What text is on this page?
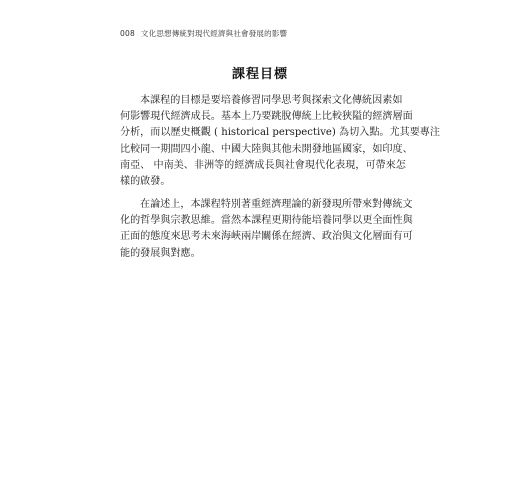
008 文化思想傳統對現代經濟與社會發展的影響
課程目標

本課程的目標是要培養修習同學思考與探索文化傳統因素如
何影響現代經濟成長。基本上乃要跳脫傳統上比較狹隘的經濟層面
分析，而以歷史概觀 ( historical perspective) 為切入點。尤其要專注
比較同一期間四小龍、中國大陸與其他未開發地區國家，如印度、
南亞、 中南美、非洲等的經濟成長與社會現代化表現，可帶來怎
樣的啟發。

在論述上，本課程特別著重經濟理論的新發現所帶來對傳統文
化的哲學與宗教思維。當然本課程更期待能培養同學以更全面性與
正面的態度來思考未來海峽兩岸關係在經濟、政治與文化層面有可
能的發展與對應。
